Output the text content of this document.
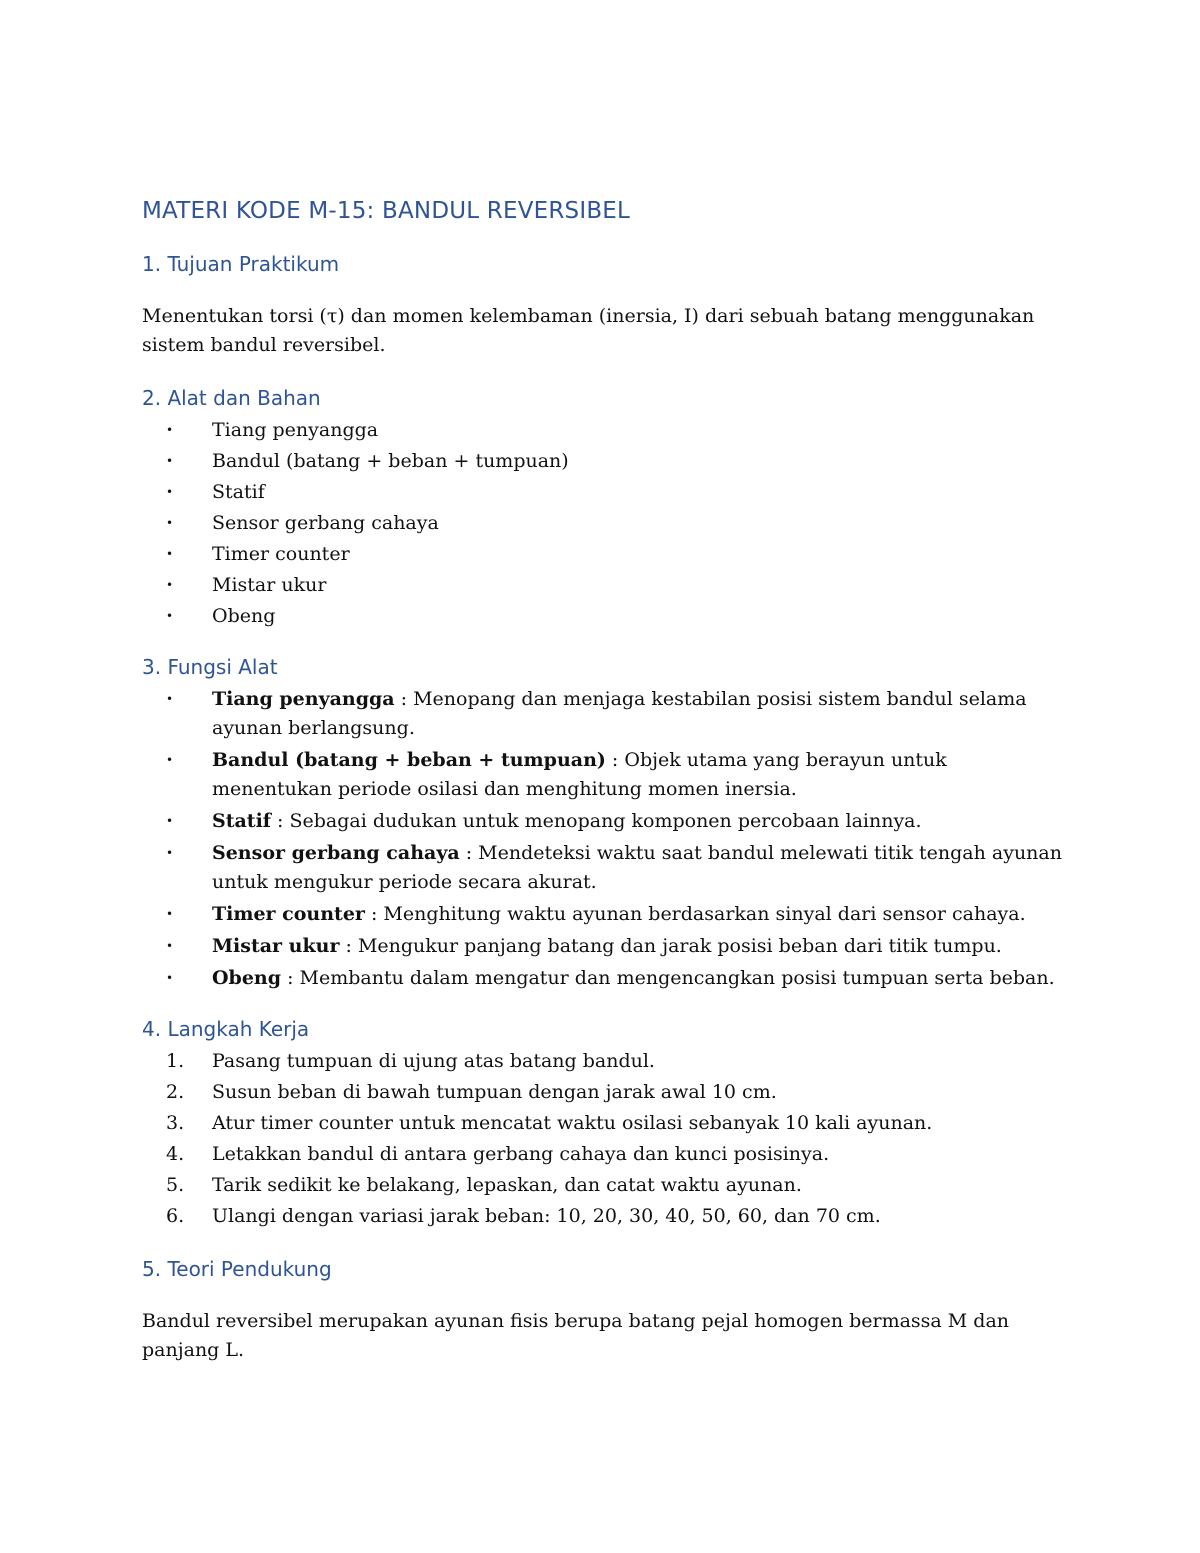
MATERI KODE M-15: BANDUL REVERSIBEL
1. Tujuan Praktikum

Menentukan torsi (τ) dan momen kelembaman (inersia, I) dari sebuah batang menggunakan sistem bandul reversibel.

2. Alat dan Bahan
•	Tiang penyangga
•	Bandul (batang + beban + tumpuan)
•	Statif
•	Sensor gerbang cahaya
•	Timer counter
•	Mistar ukur
•	Obeng
3. Fungsi Alat
•	Tiang penyangga : Menopang dan menjaga kestabilan posisi sistem bandul selama ayunan berlangsung.
•	Bandul (batang + beban + tumpuan) : Objek utama yang berayun untuk menentukan periode osilasi dan menghitung momen inersia.
•	Statif : Sebagai dudukan untuk menopang komponen percobaan lainnya.
•	Sensor gerbang cahaya : Mendeteksi waktu saat bandul melewati titik tengah ayunan untuk mengukur periode secara akurat.
•	Timer counter : Menghitung waktu ayunan berdasarkan sinyal dari sensor cahaya.
•	Mistar ukur : Mengukur panjang batang dan jarak posisi beban dari titik tumpu.
•	Obeng : Membantu dalam mengatur dan mengencangkan posisi tumpuan serta beban.
4. Langkah Kerja
1.	Pasang tumpuan di ujung atas batang bandul.
2.	Susun beban di bawah tumpuan dengan jarak awal 10 cm.
3.	Atur timer counter untuk mencatat waktu osilasi sebanyak 10 kali ayunan.
4.	Letakkan bandul di antara gerbang cahaya dan kunci posisinya.
5.	Tarik sedikit ke belakang, lepaskan, dan catat waktu ayunan.
6.	Ulangi dengan variasi jarak beban: 10, 20, 30, 40, 50, 60, dan 70 cm.
5. Teori Pendukung

Bandul reversibel merupakan ayunan fisis berupa batang pejal homogen bermassa M dan panjang L.
